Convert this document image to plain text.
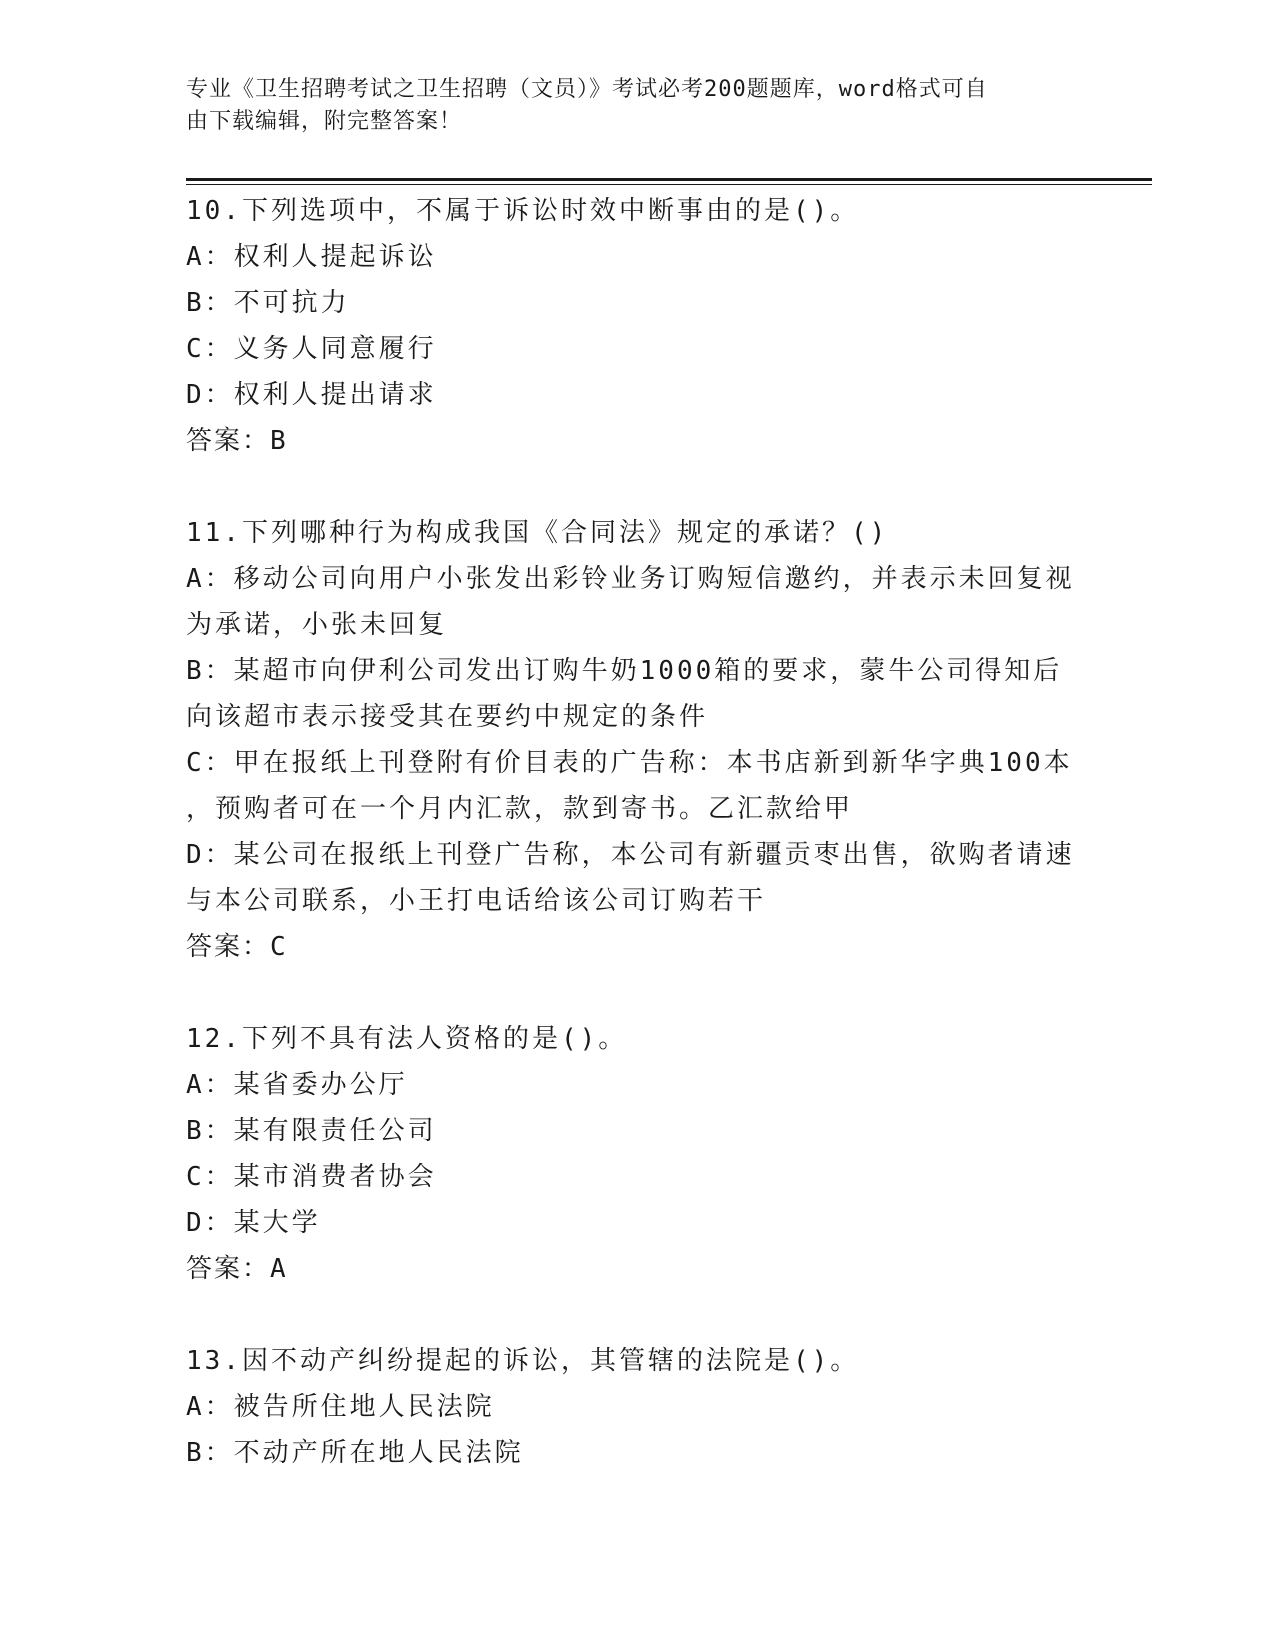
专业《卫生招聘考试之卫生招聘（文员）》考试必考200题题库，word格式可自
由下载编辑，附完整答案！
10.下列选项中，不属于诉讼时效中断事由的是()。
A：权利人提起诉讼
B：不可抗力
C：义务人同意履行
D：权利人提出请求
答案：B
11.下列哪种行为构成我国《合同法》规定的承诺？()
A：移动公司向用户小张发出彩铃业务订购短信邀约，并表示未回复视
为承诺，小张未回复
B：某超市向伊利公司发出订购牛奶1000箱的要求，蒙牛公司得知后
向该超市表示接受其在要约中规定的条件
C：甲在报纸上刊登附有价目表的广告称：本书店新到新华字典100本
，预购者可在一个月内汇款，款到寄书。乙汇款给甲
D：某公司在报纸上刊登广告称，本公司有新疆贡枣出售，欲购者请速
与本公司联系，小王打电话给该公司订购若干
答案：C
12.下列不具有法人资格的是()。
A：某省委办公厅
B：某有限责任公司
C：某市消费者协会
D：某大学
答案：A
13.因不动产纠纷提起的诉讼，其管辖的法院是()。
A：被告所住地人民法院
B：不动产所在地人民法院
